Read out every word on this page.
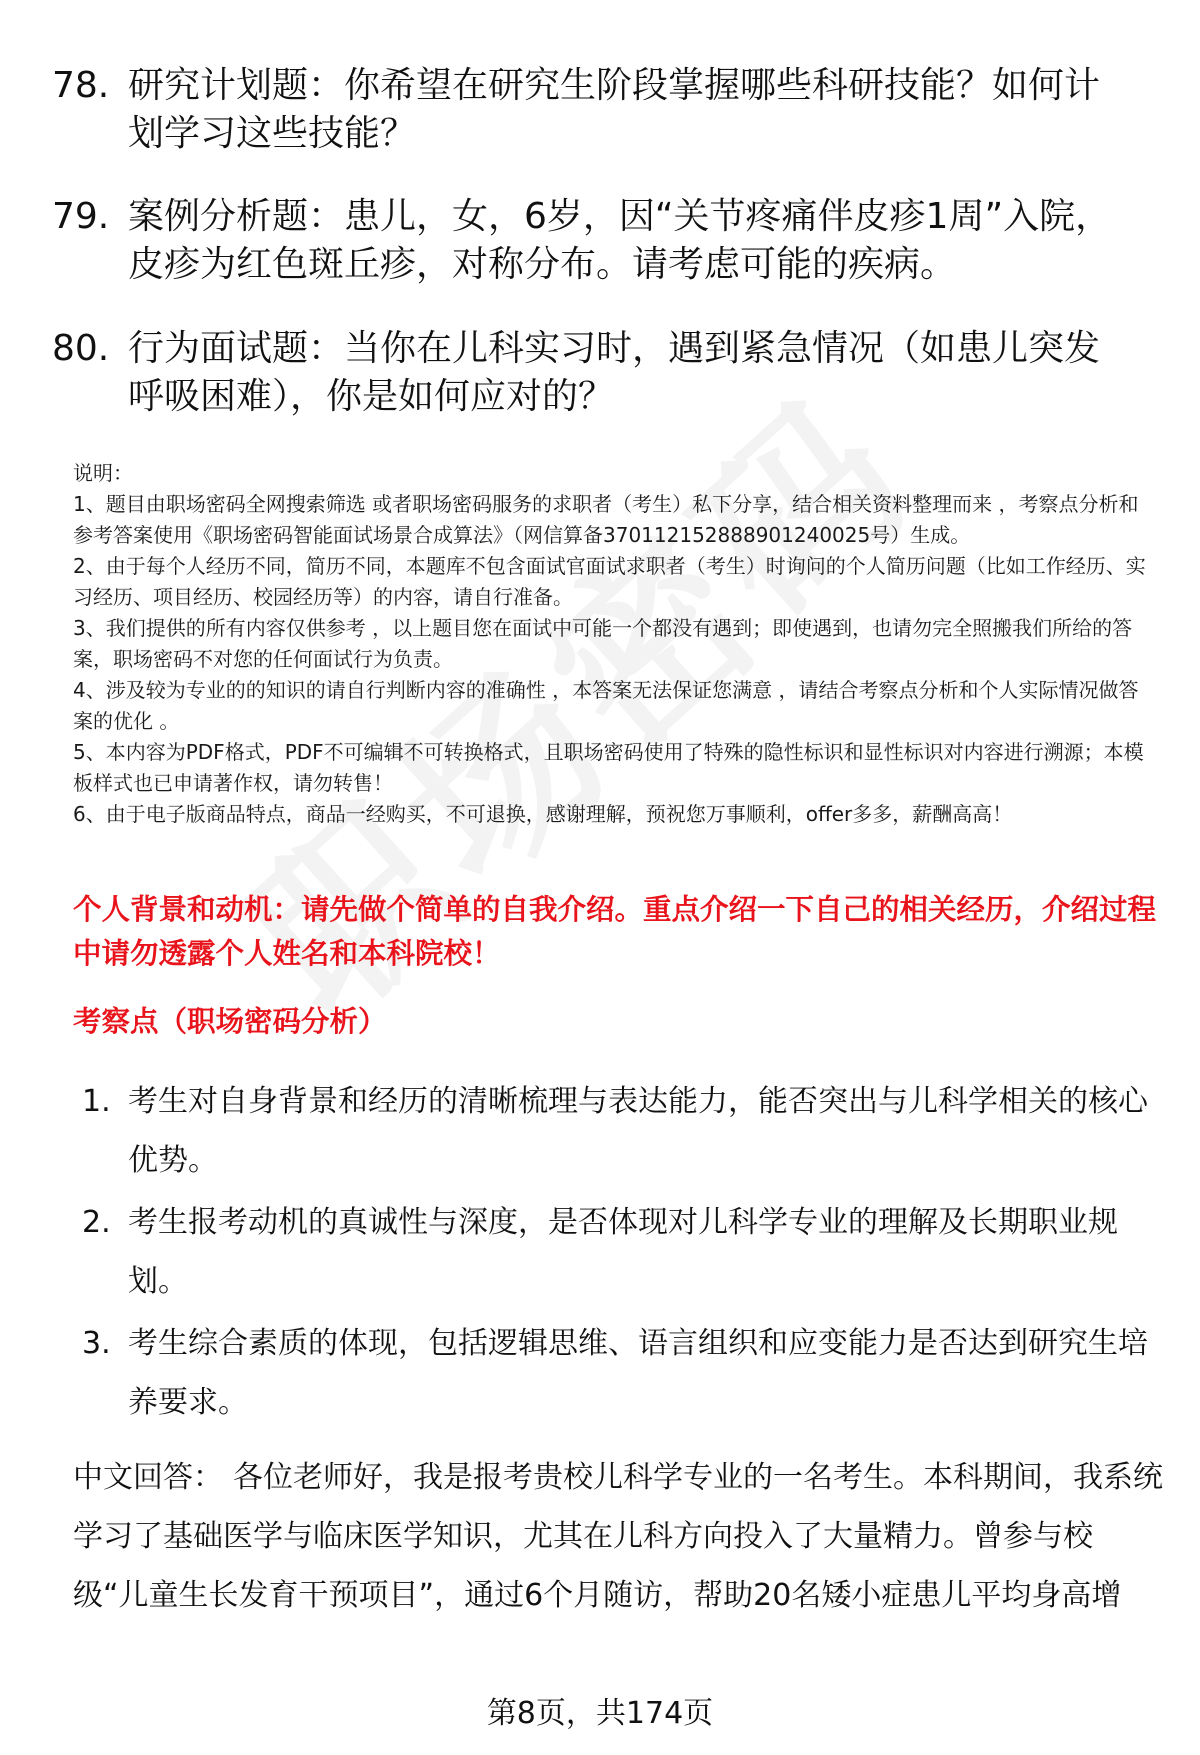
78. 研究计划题：你希望在研究生阶段掌握哪些科研技能？如何计划学习这些技能？
79. 案例分析题：患儿，女，6岁，因“关节疼痛伴皮疹1周”入院，皮疹为红色斑丘疹，对称分布。请考虑可能的疾病。
80. 行为面试题：当你在儿科实习时，遇到紧急情况（如患儿突发呼吸困难），你是如何应对的？

说明：

1、题目由职场密码全网搜索筛选 或者职场密码服务的求职者（考生）私下分享，结合相关资料整理而来 ，考察点分析和参考答案使用《职场密码智能面试场景合成算法》（网信算备370112152888901240025号）生成。

2、由于每个人经历不同，简历不同，本题库不包含面试官面试求职者（考生）时询问的个人简历问题（比如工作经历、实习经历、项目经历、校园经历等）的内容，请自行准备。

3、我们提供的所有内容仅供参考 ，以上题目您在面试中可能一个都没有遇到；即使遇到，也请勿完全照搬我们所给的答案，职场密码不对您的任何面试行为负责。

4、涉及较为专业的的知识的请自行判断内容的准确性 ，本答案无法保证您满意 ，请结合考察点分析和个人实际情况做答案的优化 。

5、本内容为PDF格式，PDF不可编辑不可转换格式，且职场密码使用了特殊的隐性标识和显性标识对内容进行溯源；本模板样式也已申请著作权，请勿转售！

6、由于电子版商品特点，商品一经购买，不可退换，感谢理解，预祝您万事顺利，offer多多，薪酬高高！

个人背景和动机：请先做个简单的自我介绍。重点介绍一下自己的相关经历，介绍过程中请勿透露个人姓名和本科院校！
考察点（职场密码分析）
1. 考生对自身背景和经历的清晰梳理与表达能力，能否突出与儿科学相关的核心优势。
2. 考生报考动机的真诚性与深度，是否体现对儿科学专业的理解及长期职业规划。
3. 考生综合素质的体现，包括逻辑思维、语言组织和应变能力是否达到研究生培养要求。
中文回答： 各位老师好，我是报考贵校儿科学专业的一名考生。本科期间，我系统学习了基础医学与临床医学知识，尤其在儿科方向投入了大量精力。曾参与校级“儿童生长发育干预项目”，通过6个月随访，帮助20名矮小症患儿平均身高增
第8页，共174页
